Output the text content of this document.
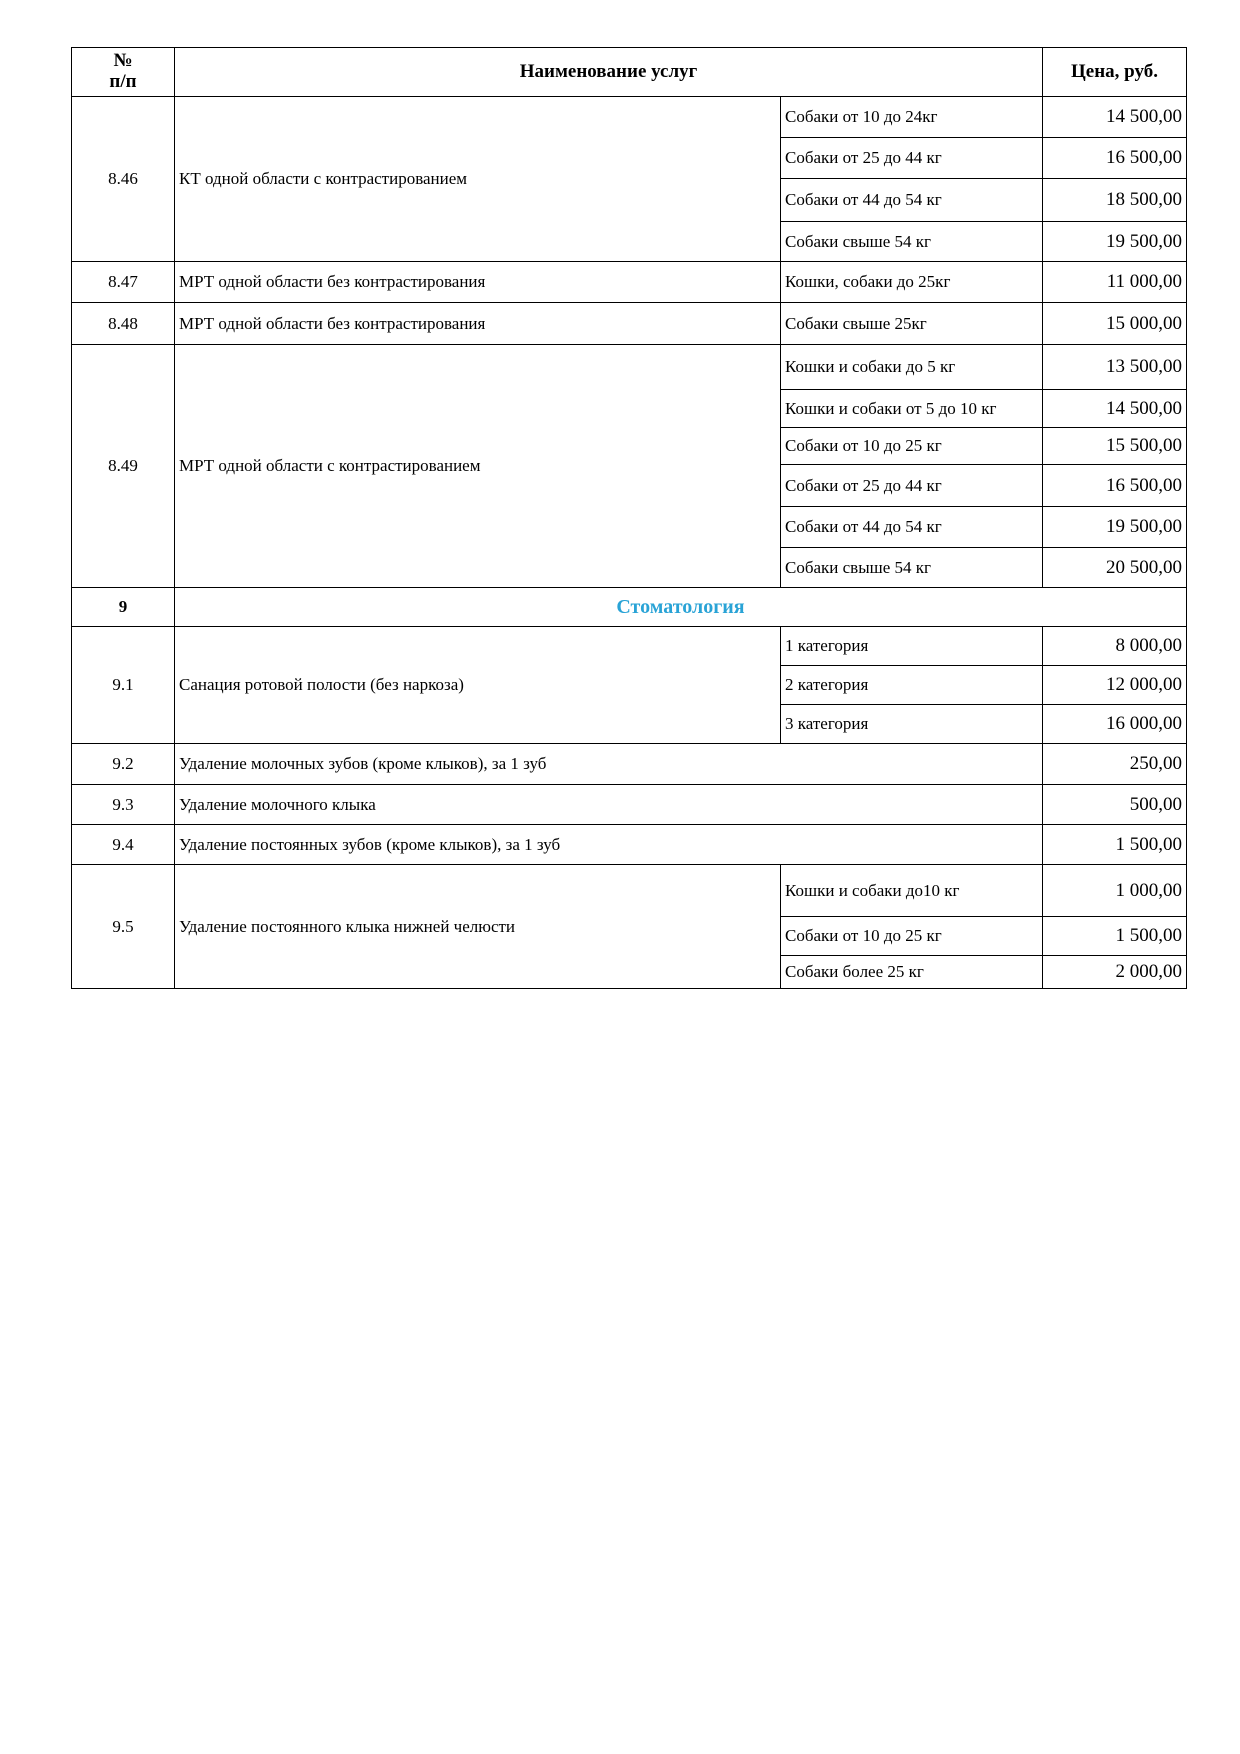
№
п/п	Наименование услуг		Цена, руб.
8.46	КТ одной области с контрастированием	Собаки от 10 до 24кг	14 500,00
		Собаки от 25 до 44 кг	16 500,00
		Собаки от 44 до 54 кг	18 500,00
		Собаки свыше 54 кг	19 500,00
8.47	МРТ одной области без контрастирования	Кошки, собаки до 25кг	11 000,00
8.48	МРТ одной области без контрастирования	Собаки свыше 25кг	15 000,00
8.49	МРТ одной области с контрастированием	Кошки и собаки до 5 кг	13 500,00
		Кошки и собаки от 5 до 10 кг	14 500,00
		Собаки от 10 до 25 кг	15 500,00
		Собаки от 25 до 44 кг	16 500,00
		Собаки от 44 до 54 кг	19 500,00
		Собаки свыше 54 кг	20 500,00
9	Стоматология		
9.1	Санация ротовой полости (без наркоза)	1 категория	8 000,00
		2 категория	12 000,00
		3 категория	16 000,00
9.2	Удаление молочных зубов (кроме клыков), за 1 зуб		250,00
9.3	Удаление молочного клыка		500,00
9.4	Удаление постоянных зубов (кроме клыков), за 1 зуб		1 500,00
9.5	Удаление постоянного клыка нижней челюсти	Кошки и собаки до10 кг	1 000,00
		Собаки от 10 до 25 кг	1 500,00
		Собаки более 25 кг	2 000,00
